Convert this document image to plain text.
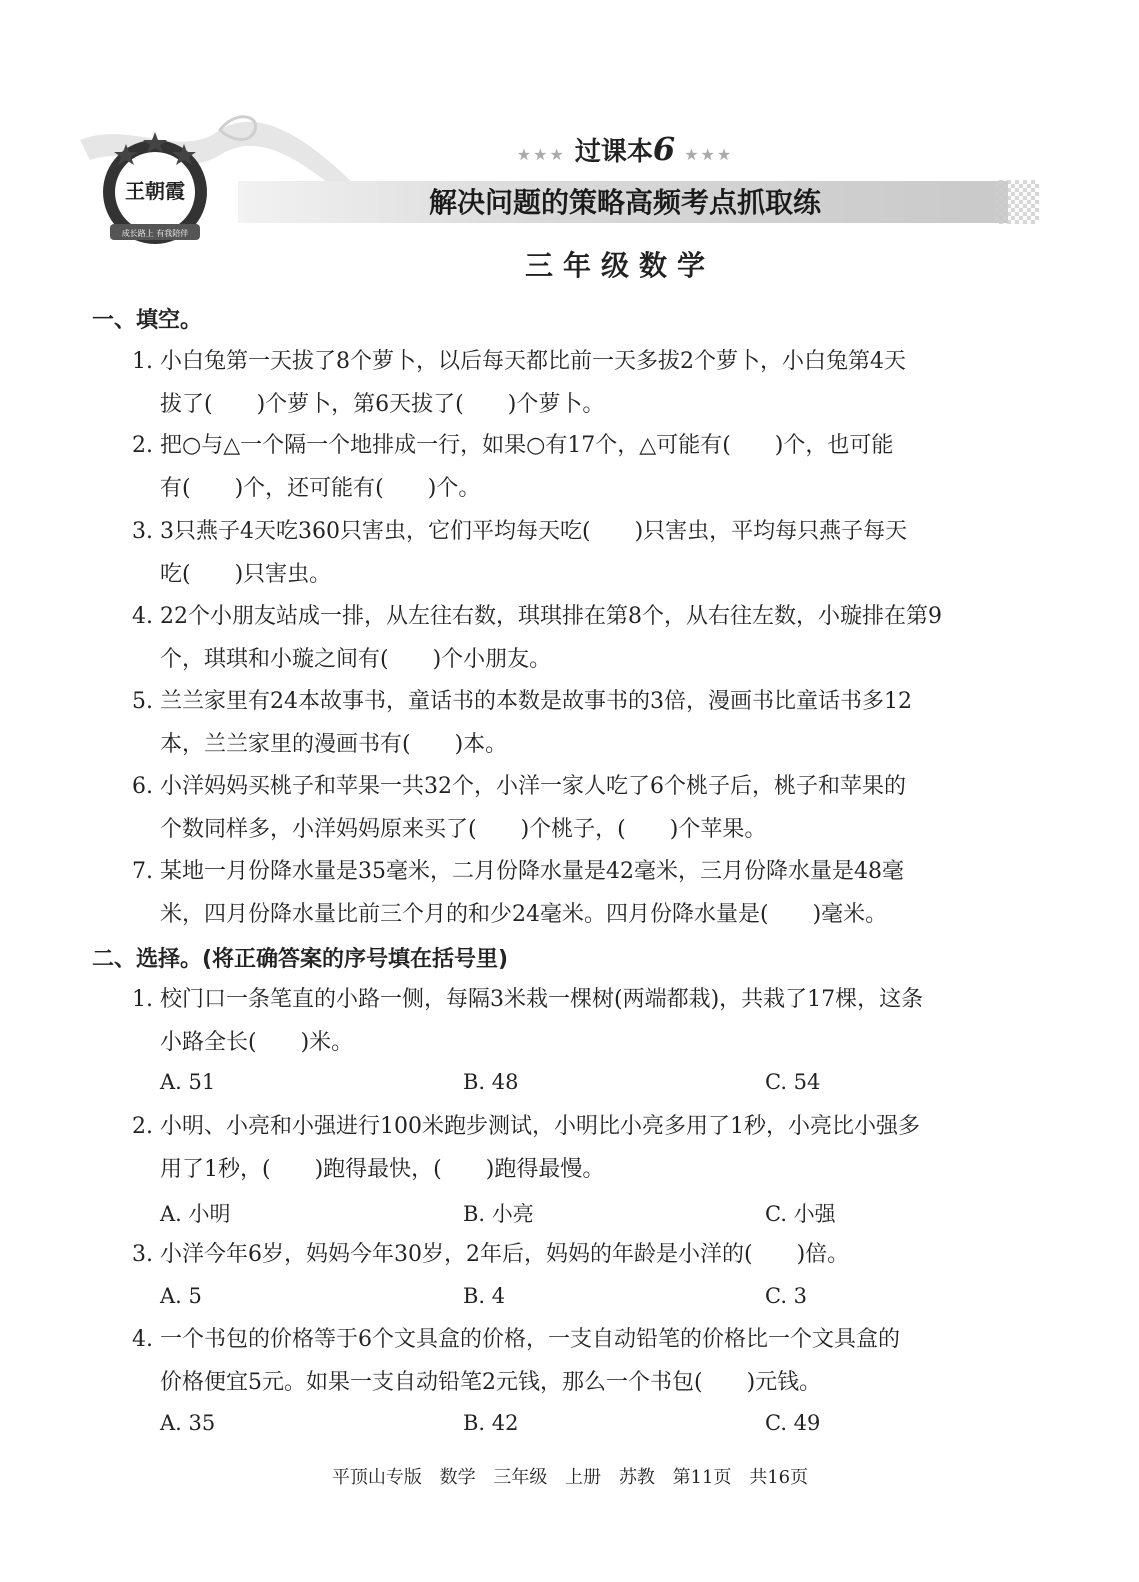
王朝霞
成长路上 有我陪伴
★★★ 过课本6 ★★★
解决问题的策略高频考点抓取练
三年级数学
一、填空。
1. 小白兔第一天拔了8个萝卜，以后每天都比前一天多拔2个萝卜，小白兔第4天
拔了(　　)个萝卜，第6天拔了(　　)个萝卜。
2. 把○与△一个隔一个地排成一行，如果○有17个，△可能有(　　)个，也可能
有(　　)个，还可能有(　　)个。
3. 3只燕子4天吃360只害虫，它们平均每天吃(　　)只害虫，平均每只燕子每天
吃(　　)只害虫。
4. 22个小朋友站成一排，从左往右数，琪琪排在第8个，从右往左数，小璇排在第9
个，琪琪和小璇之间有(　　)个小朋友。
5. 兰兰家里有24本故事书，童话书的本数是故事书的3倍，漫画书比童话书多12
本，兰兰家里的漫画书有(　　)本。
6. 小洋妈妈买桃子和苹果一共32个，小洋一家人吃了6个桃子后，桃子和苹果的
个数同样多，小洋妈妈原来买了(　　)个桃子，(　　)个苹果。
7. 某地一月份降水量是35毫米，二月份降水量是42毫米，三月份降水量是48毫
米，四月份降水量比前三个月的和少24毫米。四月份降水量是(　　)毫米。
二、选择。(将正确答案的序号填在括号里)
1. 校门口一条笔直的小路一侧，每隔3米栽一棵树(两端都栽)，共栽了17棵，这条
小路全长(　　)米。
A. 51	B. 48	C. 54
2. 小明、小亮和小强进行100米跑步测试，小明比小亮多用了1秒，小亮比小强多
用了1秒，(　　)跑得最快，(　　)跑得最慢。
A. 小明	B. 小亮	C. 小强
3. 小洋今年6岁，妈妈今年30岁，2年后，妈妈的年龄是小洋的(　　)倍。
A. 5	B. 4	C. 3
4. 一个书包的价格等于6个文具盒的价格，一支自动铅笔的价格比一个文具盒的
价格便宜5元。如果一支自动铅笔2元钱，那么一个书包(　　)元钱。
A. 35	B. 42	C. 49
平顶山专版 数学 三年级 上册 苏教 第11页 共16页
